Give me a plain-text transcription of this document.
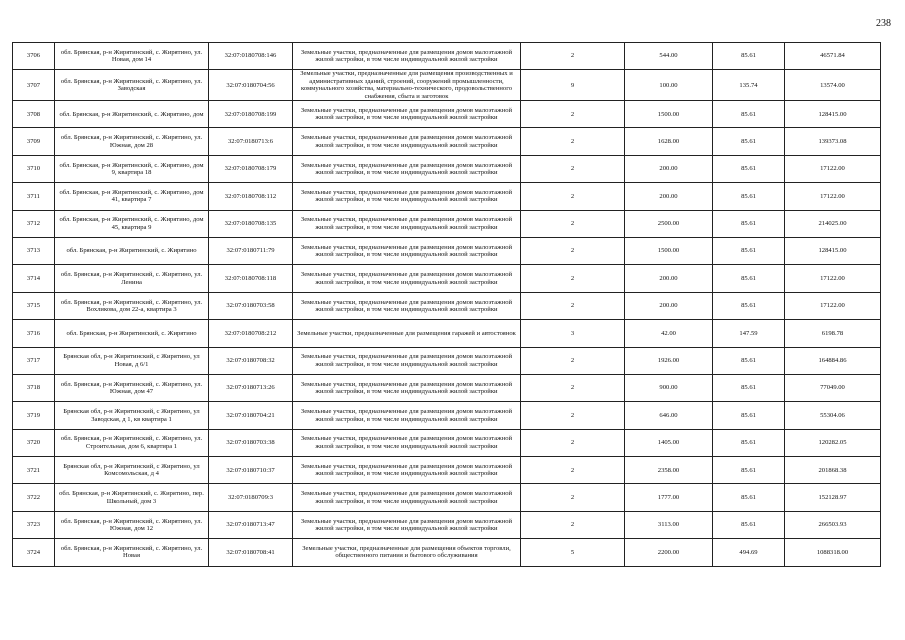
238
3706	обл. Брянская, р-н Жирятинский, с. Жирятино, ул. Новая, дом 14	32:07:0180708:146	Земельные участки, предназначенные для размещения домов малоэтажной жилой застройки, в том числе индивидуальной жилой застройки	2	544.00	85.61	46571.84
3707	обл. Брянская, р-н Жирятинский, с. Жирятино, ул. Заводская	32:07:0180704:56	Земельные участки, предназначенные для размещения производственных и административных зданий, строений, сооружений промышленности, коммунального хозяйства, материально-технического, продовольственного снабжения, сбыта и заготовок	9	100.00	135.74	13574.00
3708	обл. Брянская, р-н Жирятинский, с. Жирятино, дом	32:07:0180708:199	Земельные участки, предназначенные для размещения домов малоэтажной жилой застройки, в том числе индивидуальной жилой застройки	2	1500.00	85.61	128415.00
3709	обл. Брянская, р-н Жирятинский, с. Жирятино, ул. Южная, дом 28	32:07:0180713:6	Земельные участки, предназначенные для размещения домов малоэтажной жилой застройки, в том числе индивидуальной жилой застройки	2	1628.00	85.61	139373.08
3710	обл. Брянская, р-н Жирятинский, с. Жирятино, дом 9, квартира 18	32:07:0180708:179	Земельные участки, предназначенные для размещения домов малоэтажной жилой застройки, в том числе индивидуальной жилой застройки	2	200.00	85.61	17122.00
3711	обл. Брянская, р-н Жирятинский, с. Жирятино, дом 41, квартира 7	32:07:0180708:112	Земельные участки, предназначенные для размещения домов малоэтажной жилой застройки, в том числе индивидуальной жилой застройки	2	200.00	85.61	17122.00
3712	обл. Брянская, р-н Жирятинский, с. Жирятино, дом 45, квартира 9	32:07:0180708:135	Земельные участки, предназначенные для размещения домов малоэтажной жилой застройки, в том числе индивидуальной жилой застройки	2	2500.00	85.61	214025.00
3713	обл. Брянская, р-н Жирятинский, с. Жирятино	32:07:0180711:79	Земельные участки, предназначенные для размещения домов малоэтажной жилой застройки, в том числе индивидуальной жилой застройки	2	1500.00	85.61	128415.00
3714	обл. Брянская, р-н Жирятинский, с. Жирятино, ул. Ленина	32:07:0180708:118	Земельные участки, предназначенные для размещения домов малоэтажной жилой застройки, в том числе индивидуальной жилой застройки	2	200.00	85.61	17122.00
3715	обл. Брянская, р-н Жирятинский, с. Жирятино, ул. Вохликова, дом 22-а, квартира 3	32:07:0180703:58	Земельные участки, предназначенные для размещения домов малоэтажной жилой застройки, в том числе индивидуальной жилой застройки	2	200.00	85.61	17122.00
3716	обл. Брянская, р-н Жирятинский, с. Жирятино	32:07:0180708:212	Земельные участки, предназначенные для размещения гаражей и автостоянок	3	42.00	147.59	6198.78
3717	Брянская обл, р-н Жирятинский, с Жирятино, ул Новая, д 6/1	32:07:0180708:32	Земельные участки, предназначенные для размещения домов малоэтажной жилой застройки, в том числе индивидуальной жилой застройки	2	1926.00	85.61	164884.86
3718	обл. Брянская, р-н Жирятинский, с. Жирятино, ул. Южная, дом 47	32:07:0180713:26	Земельные участки, предназначенные для размещения домов малоэтажной жилой застройки, в том числе индивидуальной жилой застройки	2	900.00	85.61	77049.00
3719	Брянская обл, р-н Жирятинский, с Жирятино, ул Заводская, д 1, кв квартира 1	32:07:0180704:21	Земельные участки, предназначенные для размещения домов малоэтажной жилой застройки, в том числе индивидуальной жилой застройки	2	646.00	85.61	55304.06
3720	обл. Брянская, р-н Жирятинский, с. Жирятино, ул. Строительная, дом 6, квартира 1	32:07:0180703:38	Земельные участки, предназначенные для размещения домов малоэтажной жилой застройки, в том числе индивидуальной жилой застройки	2	1405.00	85.61	120282.05
3721	Брянская обл, р-н Жирятинский, с Жирятино, ул Комсомольская, д 4	32:07:0180710:37	Земельные участки, предназначенные для размещения домов малоэтажной жилой застройки, в том числе индивидуальной жилой застройки	2	2358.00	85.61	201868.38
3722	обл. Брянская, р-н Жирятинский, с. Жирятино, пер. Школьный, дом 3	32:07:0180709:3	Земельные участки, предназначенные для размещения домов малоэтажной жилой застройки, в том числе индивидуальной жилой застройки	2	1777.00	85.61	152128.97
3723	обл. Брянская, р-н Жирятинский, с. Жирятино, ул. Южная, дом 12	32:07:0180713:47	Земельные участки, предназначенные для размещения домов малоэтажной жилой застройки, в том числе индивидуальной жилой застройки	2	3113.00	85.61	266503.93
3724	обл. Брянская, р-н Жирятинский, с. Жирятино, ул. Новая	32:07:0180708:41	Земельные участки, предназначенные для размещения объектов торговли, общественного питания и бытового обслуживания	5	2200.00	494.69	1088318.00
